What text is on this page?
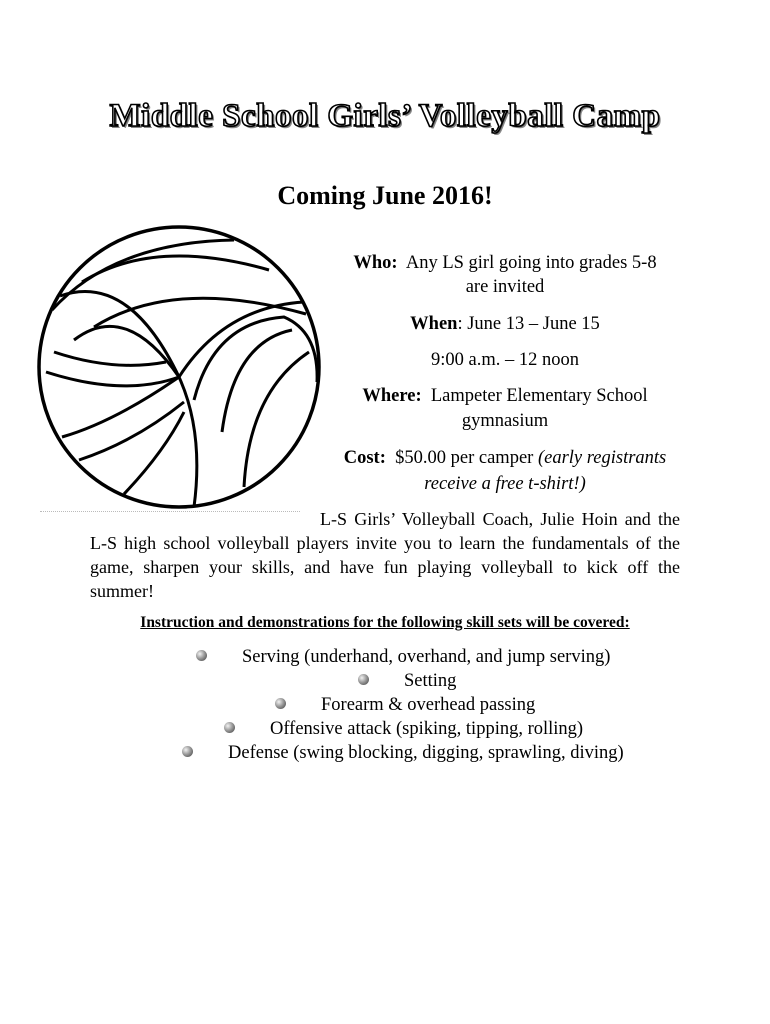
Middle School Girls’ Volleyball Camp
Coming June 2016!
Who: Any LS girl going into grades 5-8
are invited
When: June 13 – June 15
9:00 a.m. – 12 noon
Where: Lampeter Elementary School
gymnasium
Cost: $50.00 per camper (early registrants
receive a free t-shirt!)
L-S Girls’ Volleyball Coach, Julie Hoin and the L-S high school volleyball players invite you to learn the fundamentals of the game, sharpen your skills, and have fun playing volleyball to kick off the summer!
Instruction and demonstrations for the following skill sets will be covered:
Serving (underhand, overhand, and jump serving)
Setting
Forearm & overhead passing
Offensive attack (spiking, tipping, rolling)
Defense (swing blocking, digging, sprawling, diving)
